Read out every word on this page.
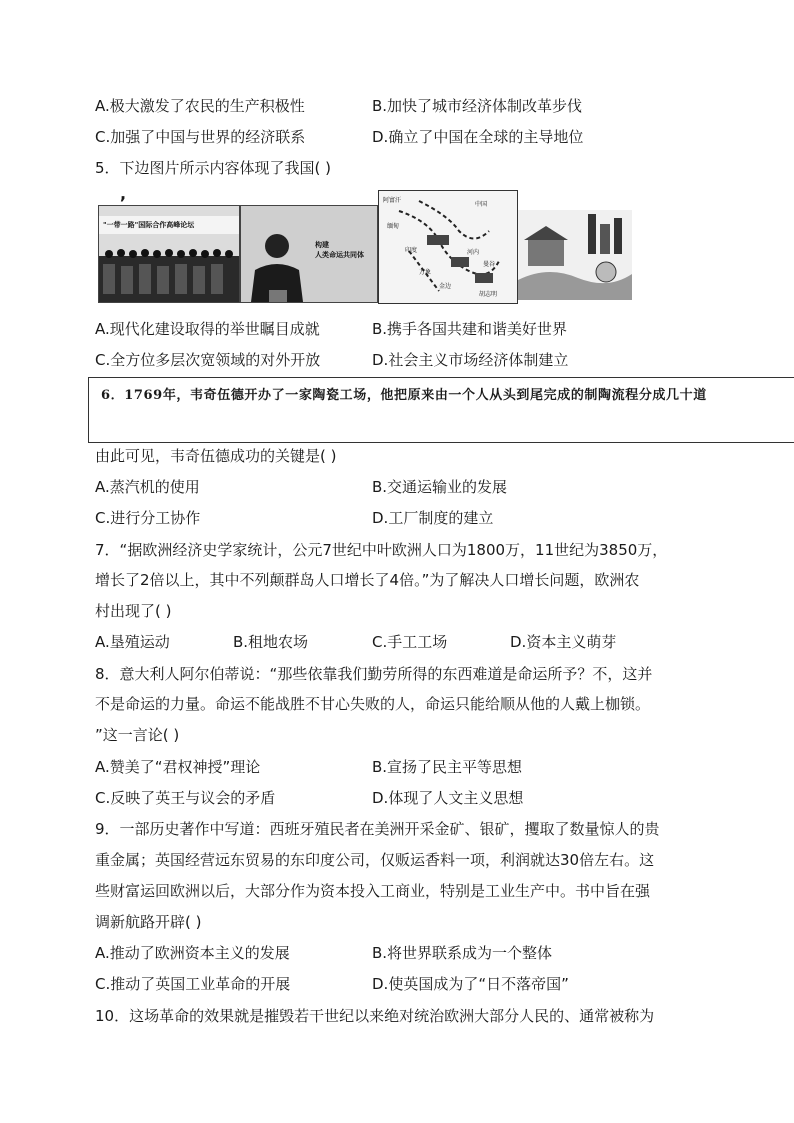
A.极大激发了农民的生产积极性	B.加快了城市经济体制改革步伐
C.加强了中国与世界的经济联系	D.确立了中国在全球的主导地位
5．下边图片所示内容体现了我国( )
,
"一带一路"国际合作高峰论坛
构建
人类命运共同体
阿富汗
中国
缅甸
印度
万象
河内
曼谷
金边
胡志明
A.现代化建设取得的举世瞩目成就	B.携手各国共建和谐美好世界
C.全方位多层次宽领域的对外开放	D.社会主义市场经济体制建立
6．1769年，韦奇伍德开办了一家陶瓷工场，他把原来由一个人从头到尾完成的制陶流程分成几十道
由此可见，韦奇伍德成功的关键是( )
A.蒸汽机的使用	B.交通运输业的发展
C.进行分工协作	D.工厂制度的建立
7．“据欧洲经济史学家统计，公元7世纪中叶欧洲人口为1800万，11世纪为3850万，
增长了2倍以上，其中不列颠群岛人口增长了4倍。”为了解决人口增长问题，欧洲农
村出现了( )
A.垦殖运动	B.租地农场	C.手工工场	D.资本主义萌芽
8．意大利人阿尔伯蒂说：“那些依靠我们勤劳所得的东西难道是命运所予？不，这并
不是命运的力量。命运不能战胜不甘心失败的人，命运只能给顺从他的人戴上枷锁。
”这一言论( )
A.赞美了“君权神授”理论	B.宣扬了民主平等思想
C.反映了英王与议会的矛盾	D.体现了人文主义思想
9．一部历史著作中写道：西班牙殖民者在美洲开采金矿、银矿，攫取了数量惊人的贵
重金属；英国经营远东贸易的东印度公司，仅贩运香料一项，利润就达30倍左右。这
些财富运回欧洲以后，大部分作为资本投入工商业，特别是工业生产中。书中旨在强
调新航路开辟( )
A.推动了欧洲资本主义的发展	B.将世界联系成为一个整体
C.推动了英国工业革命的开展	D.使英国成为了“日不落帝国”
10．这场革命的效果就是摧毁若干世纪以来绝对统治欧洲大部分人民的、通常被称为
